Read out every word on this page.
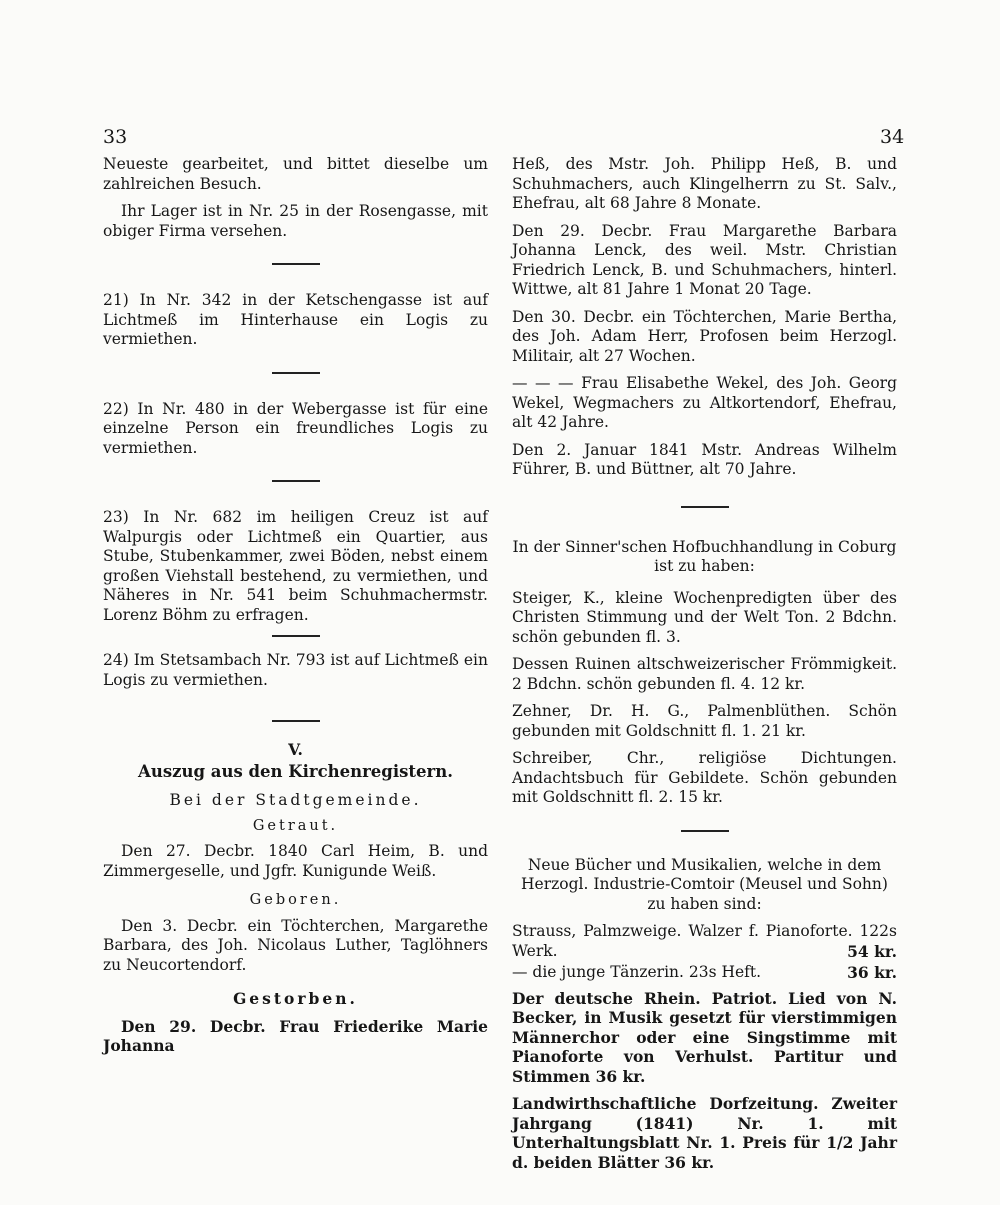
33	34

Neueste gearbeitet, und bittet dieselbe um zahlreichen Besuch.

Ihr Lager ist in Nr. 25 in der Rosengasse, mit obiger Firma versehen.

21) In Nr. 342 in der Ketschengasse ist auf Lichtmeß im Hinterhause ein Logis zu vermiethen.

22) In Nr. 480 in der Webergasse ist für eine einzelne Person ein freundliches Logis zu vermiethen.

23) In Nr. 682 im heiligen Creuz ist auf Walpurgis oder Lichtmeß ein Quartier, aus Stube, Stubenkammer, zwei Böden, nebst einem großen Viehstall bestehend, zu vermiethen, und Näheres in Nr. 541 beim Schuhmachermstr. Lorenz Böhm zu erfragen.

24) Im Stetsambach Nr. 793 ist auf Lichtmeß ein Logis zu vermiethen.

V.

Auszug aus den Kirchenregistern.

Bei der Stadtgemeinde.

Getraut.

Den 27. Decbr. 1840 Carl Heim, B. und Zimmergeselle, und Jgfr. Kunigunde Weiß.

Geboren.

Den 3. Decbr. ein Töchterchen, Margarethe Barbara, des Joh. Nicolaus Luther, Taglöhners zu Neucortendorf.

Gestorben.

Den 29. Decbr. Frau Friederike Marie Johanna

Heß, des Mstr. Joh. Philipp Heß, B. und Schuhmachers, auch Klingelherrn zu St. Salv., Ehefrau, alt 68 Jahre 8 Monate.

Den 29. Decbr. Frau Margarethe Barbara Johanna Lenck, des weil. Mstr. Christian Friedrich Lenck, B. und Schuhmachers, hinterl. Wittwe, alt 81 Jahre 1 Monat 20 Tage.

Den 30. Decbr. ein Töchterchen, Marie Bertha, des Joh. Adam Herr, Profosen beim Herzogl. Militair, alt 27 Wochen.

— — — Frau Elisabethe Wekel, des Joh. Georg Wekel, Wegmachers zu Altkortendorf, Ehefrau, alt 42 Jahre.

Den 2. Januar 1841 Mstr. Andreas Wilhelm Führer, B. und Büttner, alt 70 Jahre.

In der Sinner'schen Hofbuchhandlung in Coburg ist zu haben:

Steiger, K., kleine Wochenpredigten über des Christen Stimmung und der Welt Ton. 2 Bdchn. schön gebunden fl. 3.

Dessen Ruinen altschweizerischer Frömmigkeit. 2 Bdchn. schön gebunden fl. 4. 12 kr.

Zehner, Dr. H. G., Palmenblüthen. Schön gebunden mit Goldschnitt fl. 1. 21 kr.

Schreiber, Chr., religiöse Dichtungen. Andachtsbuch für Gebildete. Schön gebunden mit Goldschnitt fl. 2. 15 kr.

Neue Bücher und Musikalien, welche in dem Herzogl. Industrie-Comtoir (Meusel und Sohn) zu haben sind:

Strauss, Palmzweige. Walzer f. Pianoforte. 122s Werk.	54 kr.

— die junge Tänzerin. 23s Heft.	36 kr.

Der deutsche Rhein. Patriot. Lied von N. Becker, in Musik gesetzt für vierstimmigen Männerchor oder eine Singstimme mit Pianoforte von Verhulst. Partitur und Stimmen 36 kr.

Landwirthschaftliche Dorfzeitung. Zweiter Jahrgang (1841) Nr. 1. mit Unterhaltungsblatt Nr. 1. Preis für 1/2 Jahr d. beiden Blätter 36 kr.
